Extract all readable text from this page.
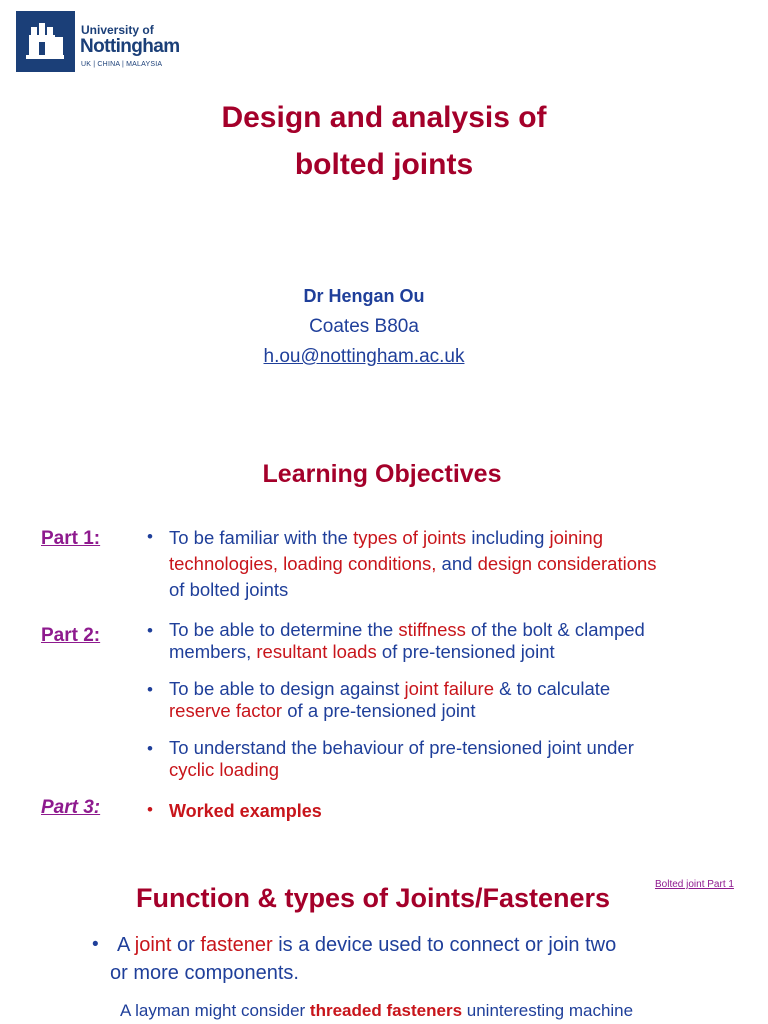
University of
Nottingham
UK | CHINA | MALAYSIA
Design and analysis of
bolted joints
Dr Hengan Ou
Coates B80a
h.ou@nottingham.ac.uk
Learning Objectives
Part 1:
Part 2:
Part 3:
• To be familiar with the types of joints including joining
technologies, loading conditions, and design considerations
of bolted joints
• To be able to determine the stiffness of the bolt & clamped
members, resultant loads of pre-tensioned joint
• To be able to design against joint failure & to calculate
reserve factor of a pre-tensioned joint
• To understand the behaviour of pre-tensioned joint under
cyclic loading
• Worked examples
Function & types of Joints/Fasteners	Bolted joint Part 1
• A joint or fastener is a device used to connect or join two
or more components.
A layman might consider threaded fasteners uninteresting machine
